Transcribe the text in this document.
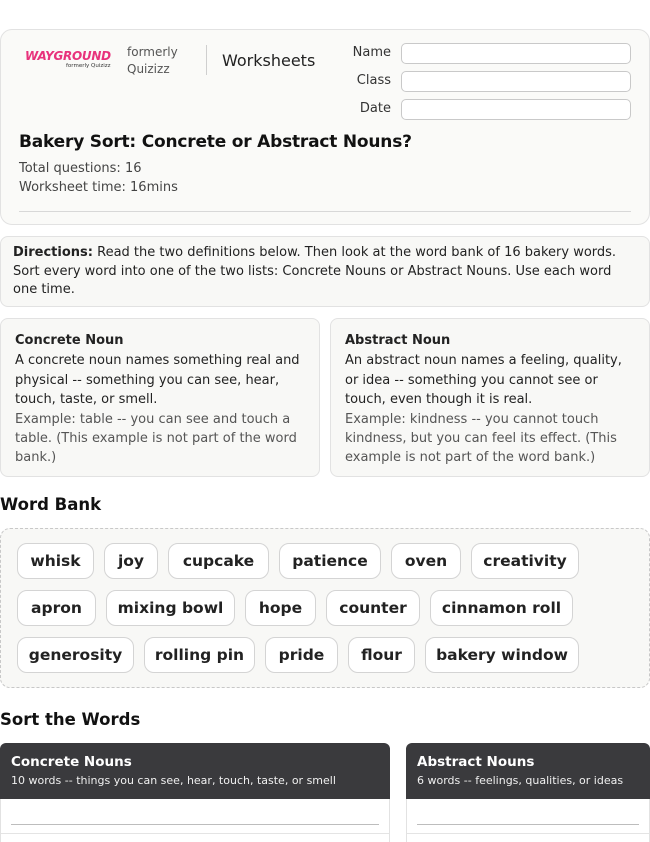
WAYGROUND
formerly Quizizz
formerly
Quizizz	Worksheets	Name
Class
Date
Bakery Sort: Concrete or Abstract Nouns?
Total questions: 16
Worksheet time: 16mins
Directions: Read the two definitions below. Then look at the word bank of 16 bakery words. Sort every word into one of the two lists: Concrete Nouns or Abstract Nouns. Use each word one time.
Concrete Noun
A concrete noun names something real and physical -- something you can see, hear, touch, taste, or smell.
Example: table -- you can see and touch a table. (This example is not part of the word bank.)
Abstract Noun
An abstract noun names a feeling, quality, or idea -- something you cannot see or touch, even though it is real.
Example: kindness -- you cannot touch kindness, but you can feel its effect. (This example is not part of the word bank.)
Word Bank
whisk	joy	cupcake	patience	oven	creativity
apron	mixing bowl	hope	counter	cinnamon roll
generosity	rolling pin	pride	flour	bakery window
Sort the Words
Concrete Nouns
10 words -- things you can see, hear, touch, taste, or smell
Abstract Nouns
6 words -- feelings, qualities, or ideas
